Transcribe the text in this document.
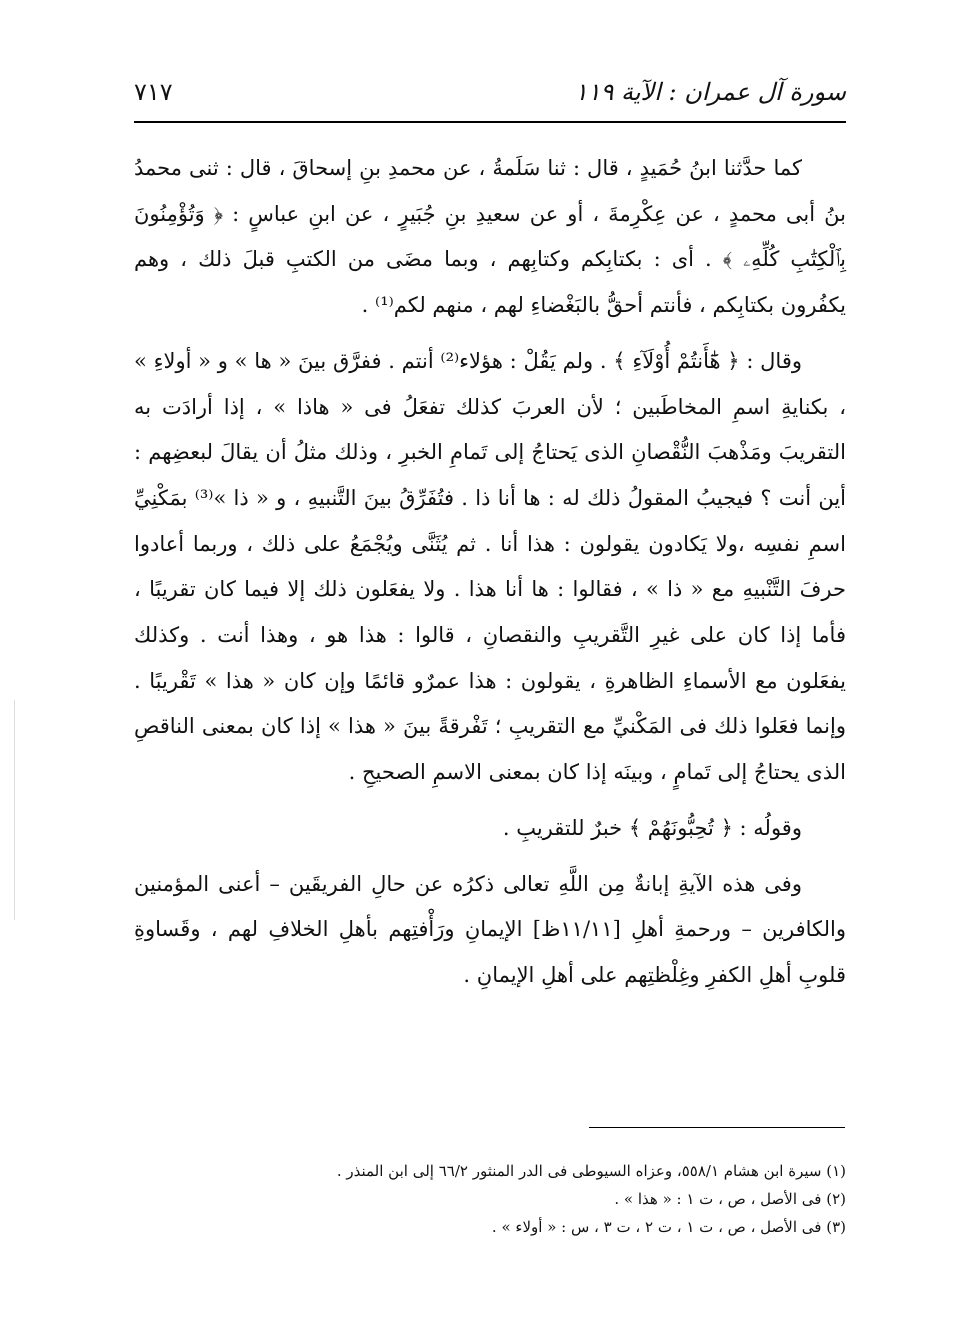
سورة آل عمران : الآية ١١٩
٧١٧

كما حدَّثنا ابنُ حُمَيدٍ ، قال : ثنا سَلَمةُ ، عن محمدِ بنِ إسحاقَ ، قال : ثنى محمدُ بنُ أبى محمدٍ ، عن عِكْرِمةَ ، أو عن سعيدِ بنِ جُبَيرٍ ، عن ابنِ عباسٍ : ﴿ وَتُؤْمِنُونَ بِٱلْكِتَٰبِ كُلِّهِۦ ﴾ . أى : بكتابِكم وكتابِهم ، وبما مضَى من الكتبِ قبلَ ذلك ، وهم يكفُرون بكتابِكم ، فأنتم أحقُّ بالبَغْضاءِ لهم ، منهم لكم⁽¹⁾ .

وقال : ﴿ هَٰٓأَنتُمْ أُوْلَآءِ ﴾ . ولم يَقُلْ : هؤلاء⁽²⁾ أنتم . ففرَّق بينَ « ها » و « أولاءِ » ، بكنايةِ اسمِ المخاطَبين ؛ لأن العربَ كذلك تفعَلُ فى « هاذا » ، إذا أرادَت به التقريبَ ومَذْهبَ النُّقْصانِ الذى يَحتاجُ إلى تَمامِ الخبرِ ، وذلك مثلُ أن يقالَ لبعضِهم : أين أنت ؟ فيجيبُ المقولُ ذلك له : ها أنا ذا . فتُفَرِّقُ بينَ التَّنبيهِ ، و « ذا »⁽³⁾ بمَكْنِيِّ اسمِ نفسِه ،ولا يَكادون يقولون : هذا أنا . ثم يُثَنَّى ويُجْمَعُ على ذلك ، وربما أعادوا حرفَ التَّنْبيهِ مع « ذا » ، فقالوا : ها أنا هذا . ولا يفعَلون ذلك إلا فيما كان تقريبًا ، فأما إذا كان على غيرِ التَّقريبِ والنقصانِ ، قالوا : هذا هو ، وهذا أنت . وكذلك يفعَلون مع الأسماءِ الظاهرةِ ، يقولون : هذا عمرٌو قائمًا وإن كان « هذا » تَقْريبًا . وإنما فعَلوا ذلك فى المَكْنيِّ مع التقريبِ ؛ تَفْرقةً بينَ « هذا » إذا كان بمعنى الناقصِ الذى يحتاجُ إلى تَمامٍ ، وبينَه إذا كان بمعنى الاسمِ الصحيحِ .

وقولُه : ﴿ تُحِبُّونَهُمْ ﴾ خبرٌ للتقريبِ .

وفى هذه الآيةِ إبانةٌ مِن اللَّهِ تعالى ذكرُه عن حالِ الفريقَين – أعنى المؤمنين والكافرين – ورحمةِ أهلِ [١١/١١ظ] الإيمانِ ورَأْفتِهم بأهلِ الخلافِ لهم ، وقَساوةِ قلوبِ أهلِ الكفرِ وغِلْظتِهم على أهلِ الإيمانِ .

(١) سيرة ابن هشام ٥٥٨/١، وعزاه السيوطى فى الدر المنثور ٦٦/٢ إلى ابن المنذر .

(٢) فى الأصل ، ص ، ت ١ : « هذا » .

(٣) فى الأصل ، ص ، ت ١ ، ت ٢ ، ت ٣ ، س : « أولاء » .
